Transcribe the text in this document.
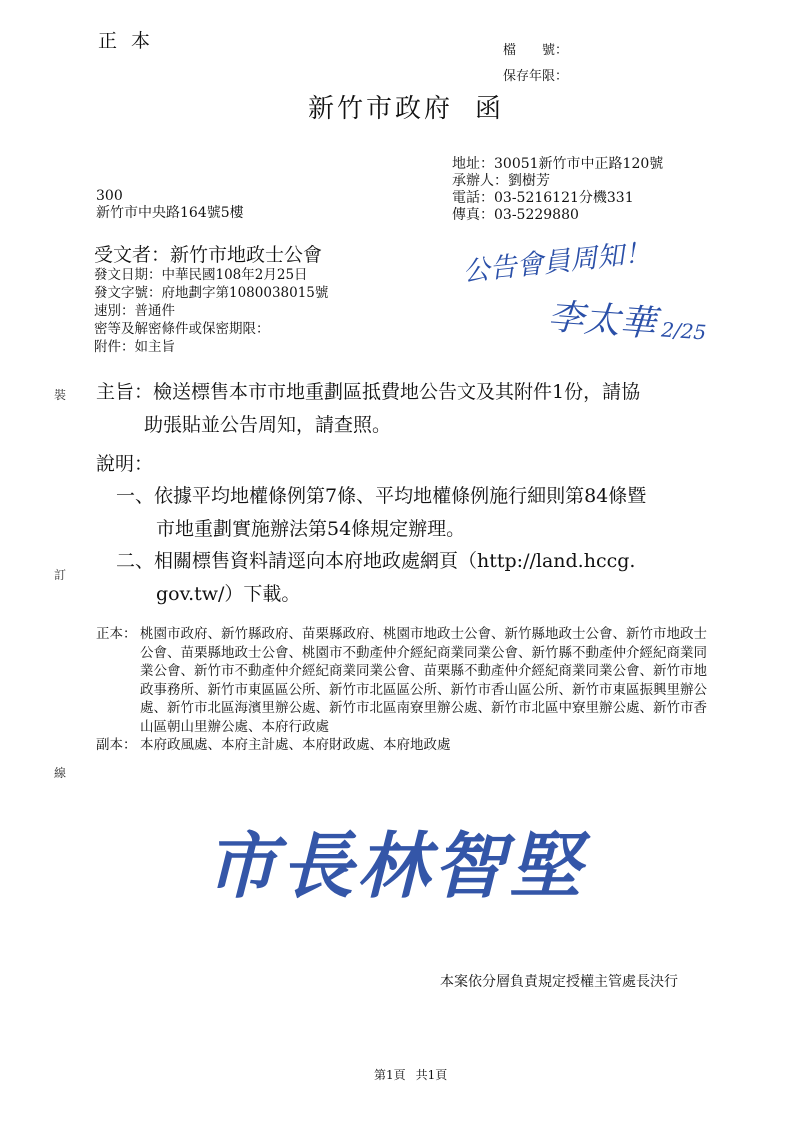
正 本	檔　　號：
保存年限：
新竹市政府 函
地址：30051新竹市中正路120號
承辦人：劉樹芳
電話：03-5216121分機331
傳真：03-5229880
300
新竹市中央路164號5樓
受文者：新竹市地政士公會
發文日期：中華民國108年2月25日
發文字號：府地劃字第1080038015號
速別：普通件
密等及解密條件或保密期限：
附件：如主旨
公告會員周知！
李太華 2/25
主旨：檢送標售本市市地重劃區抵費地公告文及其附件1份，請協
助張貼並公告周知，請查照。
說明：
一、依據平均地權條例第7條、平均地權條例施行細則第84條暨
市地重劃實施辦法第54條規定辦理。
二、相關標售資料請逕向本府地政處網頁（http://land.hccg.
gov.tw/）下載。
正本： 桃園市政府、新竹縣政府、苗栗縣政府、桃園市地政士公會、新竹縣地政士公會、新竹市地政士公會、苗栗縣地政士公會、桃園市不動產仲介經紀商業同業公會、新竹縣不動產仲介經紀商業同業公會、新竹市不動產仲介經紀商業同業公會、苗栗縣不動產仲介經紀商業同業公會、新竹市地政事務所、新竹市東區區公所、新竹市北區區公所、新竹市香山區公所、新竹市東區振興里辦公處、新竹市北區海濱里辦公處、新竹市北區南寮里辦公處、新竹市北區中寮里辦公處、新竹市香山區朝山里辦公處、本府行政處
副本： 本府政風處、本府主計處、本府財政處、本府地政處
裝
訂
線
市長林智堅
本案依分層負責規定授權主管處長決行
第1頁 共1頁
